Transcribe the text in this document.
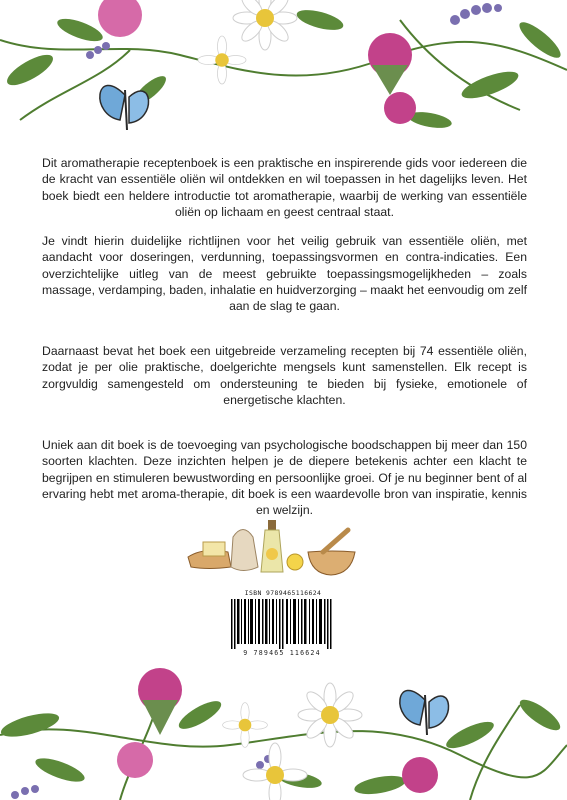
Dit aromatherapie receptenboek is een praktische en inspirerende gids voor iedereen die de kracht van essentiële oliën wil ontdekken en wil toepassen in het dagelijks leven. Het boek biedt een heldere introductie tot aromatherapie, waarbij de werking van essentiële oliën op lichaam en geest centraal staat.

Je vindt hierin duidelijke richtlijnen voor het veilig gebruik van essentiële oliën, met aandacht voor doseringen, verdunning, toepassingsvormen en contra-indicaties. Een overzichtelijke uitleg van de meest gebruikte toepassingsmogelijkheden – zoals massage, verdamping, baden, inhalatie en huidverzorging – maakt het eenvoudig om zelf aan de slag te gaan.

Daarnaast bevat het boek een uitgebreide verzameling recepten bij 74 essentiële oliën, zodat je per olie praktische, doelgerichte mengsels kunt samenstellen. Elk recept is zorgvuldig samengesteld om ondersteuning te bieden bij fysieke, emotionele of energetische klachten.

Uniek aan dit boek is de toevoeging van psychologische boodschappen bij meer dan 150 soorten klachten. Deze inzichten helpen je de diepere betekenis achter een klacht te begrijpen en stimuleren bewustwording en persoonlijke groei. Of je nu beginner bent of al ervaring hebt met aroma-therapie, dit boek is een waardevolle bron van inspiratie, kennis en welzijn.

ISBN 9789465116624
9 789465 116624
